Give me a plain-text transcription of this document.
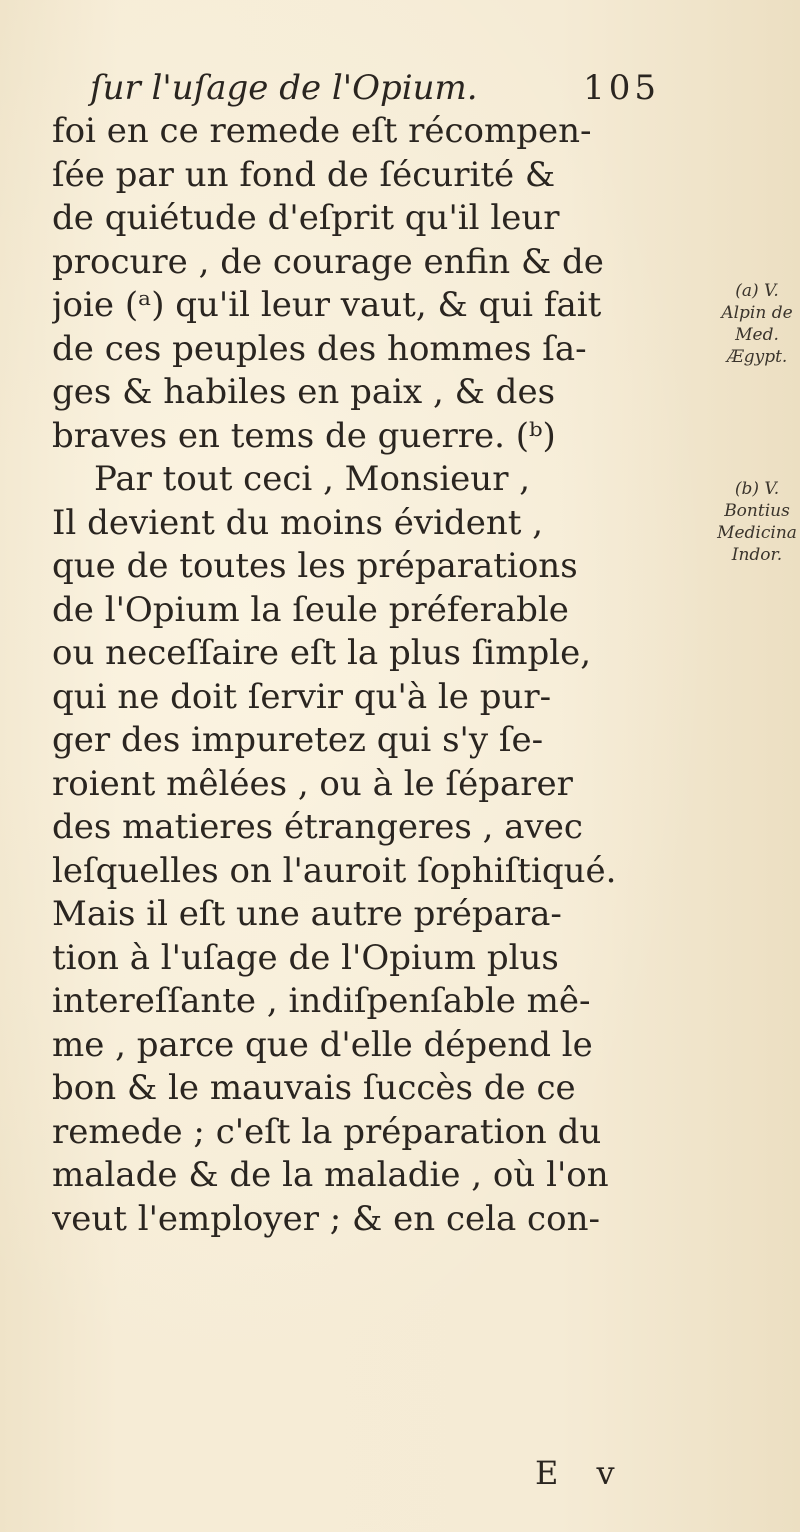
ſur l'uſage de l'Opium.	105
foi en ce remede eſt récompen-
ſée par un fond de ſécurité &
de quiétude d'eſprit qu'il leur
procure , de courage enfin & de
joie (ᵃ) qu'il leur vaut, & qui fait
de ces peuples des hommes ſa-
ges & habiles en paix , & des
braves en tems de guerre. (ᵇ)
Par tout ceci , Monsieur ,
Il devient du moins évident ,
que de toutes les préparations
de l'Opium la ſeule préferable
ou neceſſaire eſt la plus ſimple,
qui ne doit ſervir qu'à le pur-
ger des impuretez qui s'y ſe-
roient mêlées , ou à le ſéparer
des matieres étrangeres , avec
leſquelles on l'auroit ſophiſtiqué.
Mais il eſt une autre prépara-
tion à l'uſage de l'Opium plus
intereſſante , indiſpenſable mê-
me , parce que d'elle dépend le
bon & le mauvais ſuccès de ce
remede ; c'eſt la préparation du
malade & de la maladie , où l'on
veut l'employer ; & en cela con-
(a) V.
Alpin de
Med.
Ægypt.
(b) V.
Bontius
Medicina
Indor.
E v
